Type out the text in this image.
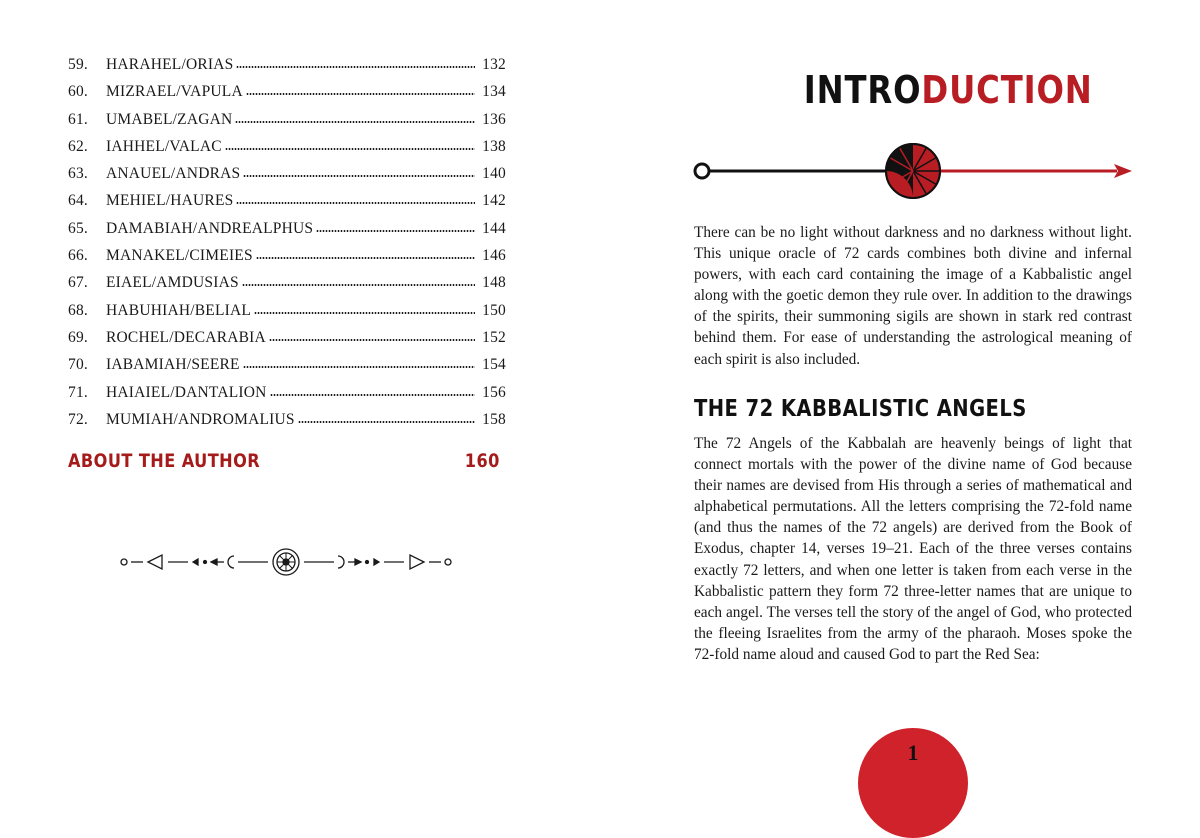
59.	HARAHEL/ORIAS	132
60.	MIZRAEL/VAPULA	134
61.	UMABEL/ZAGAN	136
62.	IAHHEL/VALAC	138
63.	ANAUEL/ANDRAS	140
64.	MEHIEL/HAURES	142
65.	DAMABIAH/ANDREALPHUS	144
66.	MANAKEL/CIMEIES	146
67.	EIAEL/AMDUSIAS	148
68.	HABUHIAH/BELIAL	150
69.	ROCHEL/DECARABIA	152
70.	IABAMIAH/SEERE	154
71.	HAIAIEL/DANTALION	156
72.	MUMIAH/ANDROMALIUS	158
ABOUT THE AUTHOR	160
INTRODUCTION

There can be no light without darkness and no darkness without light. This unique oracle of 72 cards combines both divine and infernal powers, with each card containing the image of a Kabbalistic angel along with the goetic demon they rule over. In addition to the drawings of the spirits, their summoning sigils are shown in stark red contrast behind them. For ease of understanding the astrological meaning of each spirit is also included.

THE 72 KABBALISTIC ANGELS

The 72 Angels of the Kabbalah are heavenly beings of light that connect mortals with the power of the divine name of God because their names are devised from His through a series of mathematical and alphabetical permutations. All the letters comprising the 72-fold name (and thus the names of the 72 angels) are derived from the Book of Exodus, chapter 14, verses 19–21. Each of the three verses contains exactly 72 letters, and when one letter is taken from each verse in the Kabbalistic pattern they form 72 three-letter names that are unique to each angel. The verses tell the story of the angel of God, who protected the fleeing Israelites from the army of the pharaoh. Moses spoke the 72-fold name aloud and caused God to part the Red Sea:

1
